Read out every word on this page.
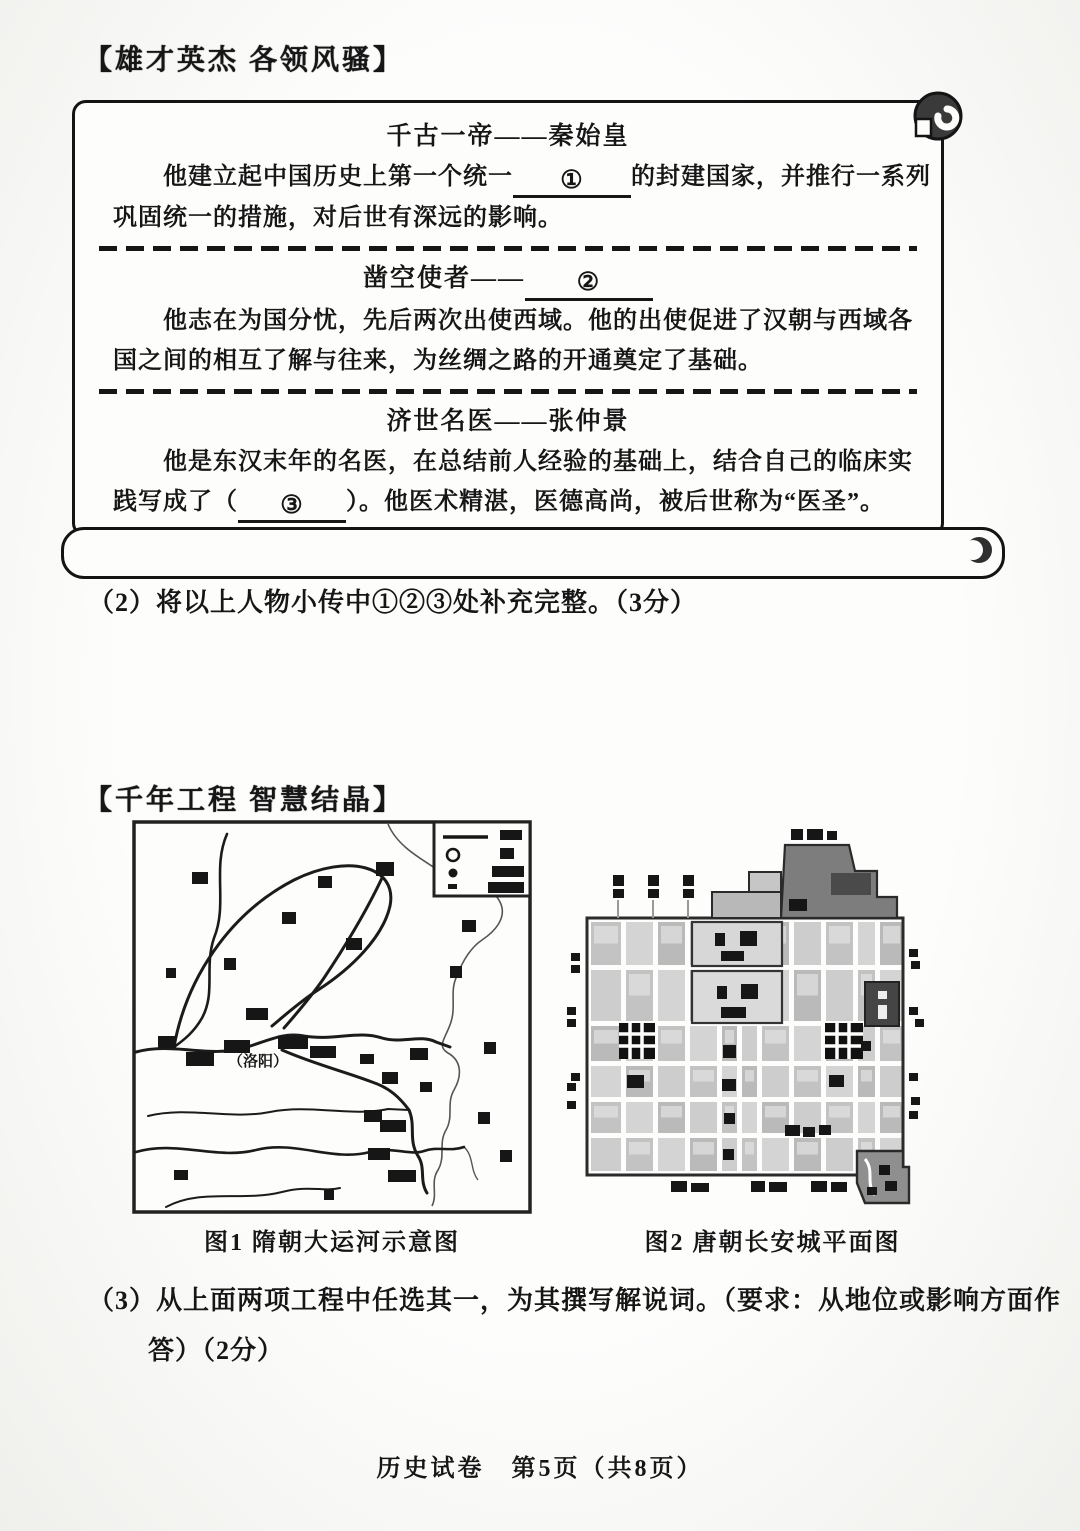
【雄才英杰 各领风骚】
千古一帝——秦始皇
他建立起中国历史上第一个统一 ① 的封建国家，并推行一系列
巩固统一的措施，对后世有深远的影响。
凿空使者—— ②
他志在为国分忧，先后两次出使西域。他的出使促进了汉朝与西域各
国之间的相互了解与往来，为丝绸之路的开通奠定了基础。
济世名医——张仲景
他是东汉末年的名医，在总结前人经验的基础上，结合自己的临床实
践写成了（ ③ ）。他医术精湛，医德高尚，被后世称为“医圣”。
（2）将以上人物小传中①②③处补充完整。（3分）
【千年工程 智慧结晶】
（洛阳）
图1 隋朝大运河示意图	图2 唐朝长安城平面图
（3）从上面两项工程中任选其一，为其撰写解说词。（要求：从地位或影响方面作
答）（2分）
历史试卷　第5页（共8页）
